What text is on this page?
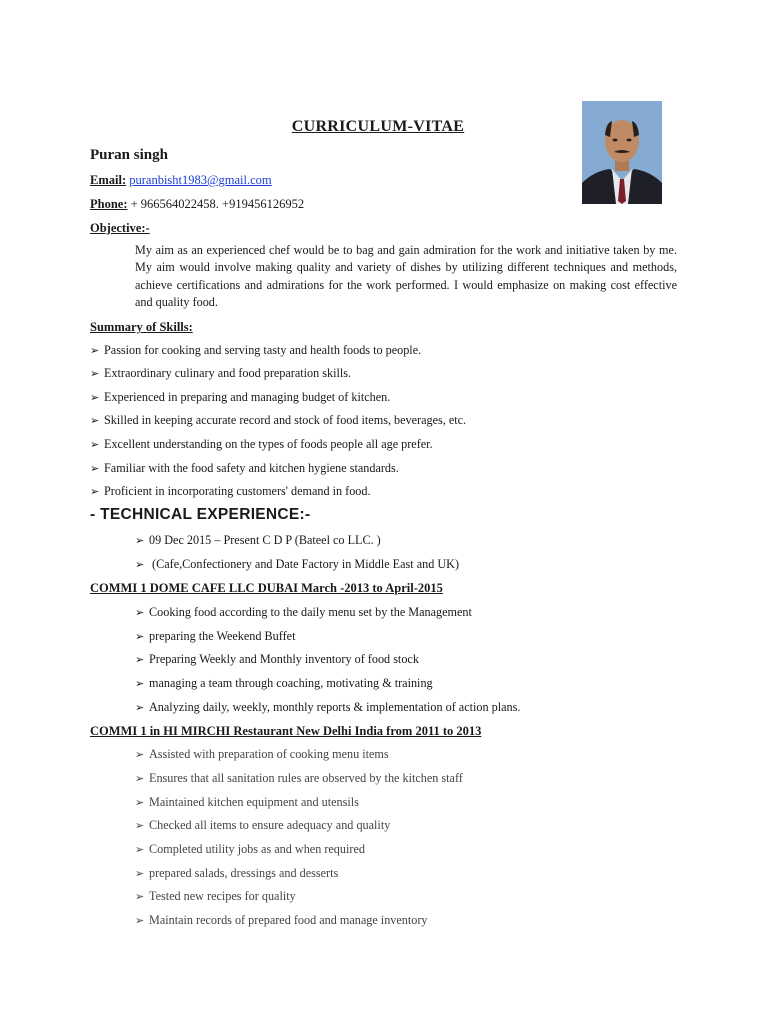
CURRICULUM-VITAE
Puran singh
Email: puranbisht1983@gmail.com
Phone: + 966564022458. +919456126952
Objective:-
My aim as an experienced chef would be to bag and gain admiration for the work and initiative taken by me. My aim would involve making quality and variety of dishes by utilizing different techniques and methods, achieve certifications and admirations for the work performed. I would emphasize on making cost effective and quality food.
Summary of Skills:
➢ Passion for cooking and serving tasty and health foods to people.
➢ Extraordinary culinary and food preparation skills.
➢ Experienced in preparing and managing budget of kitchen.
➢ Skilled in keeping accurate record and stock of food items, beverages, etc.
➢ Excellent understanding on the types of foods people all age prefer.
➢ Familiar with the food safety and kitchen hygiene standards.
➢ Proficient in incorporating customers' demand in food.
- TECHNICAL EXPERIENCE:-
➢ 09 Dec 2015 – Present C D P (Bateel co LLC. )
➢ (Cafe,Confectionery and Date Factory in Middle East and UK)
COMMI 1 DOME CAFE LLC DUBAI March -2013 to April-2015
➢ Cooking food according to the daily menu set by the Management
➢ preparing the Weekend Buffet
➢ Preparing Weekly and Monthly inventory of food stock
➢ managing a team through coaching, motivating & training
➢ Analyzing daily, weekly, monthly reports & implementation of action plans.
COMMI 1 in HI MIRCHI Restaurant New Delhi India from 2011 to 2013
➢ Assisted with preparation of cooking menu items
➢ Ensures that all sanitation rules are observed by the kitchen staff
➢ Maintained kitchen equipment and utensils
➢ Checked all items to ensure adequacy and quality
➢ Completed utility jobs as and when required
➢ prepared salads, dressings and desserts
➢ Tested new recipes for quality
➢ Maintain records of prepared food and manage inventory
